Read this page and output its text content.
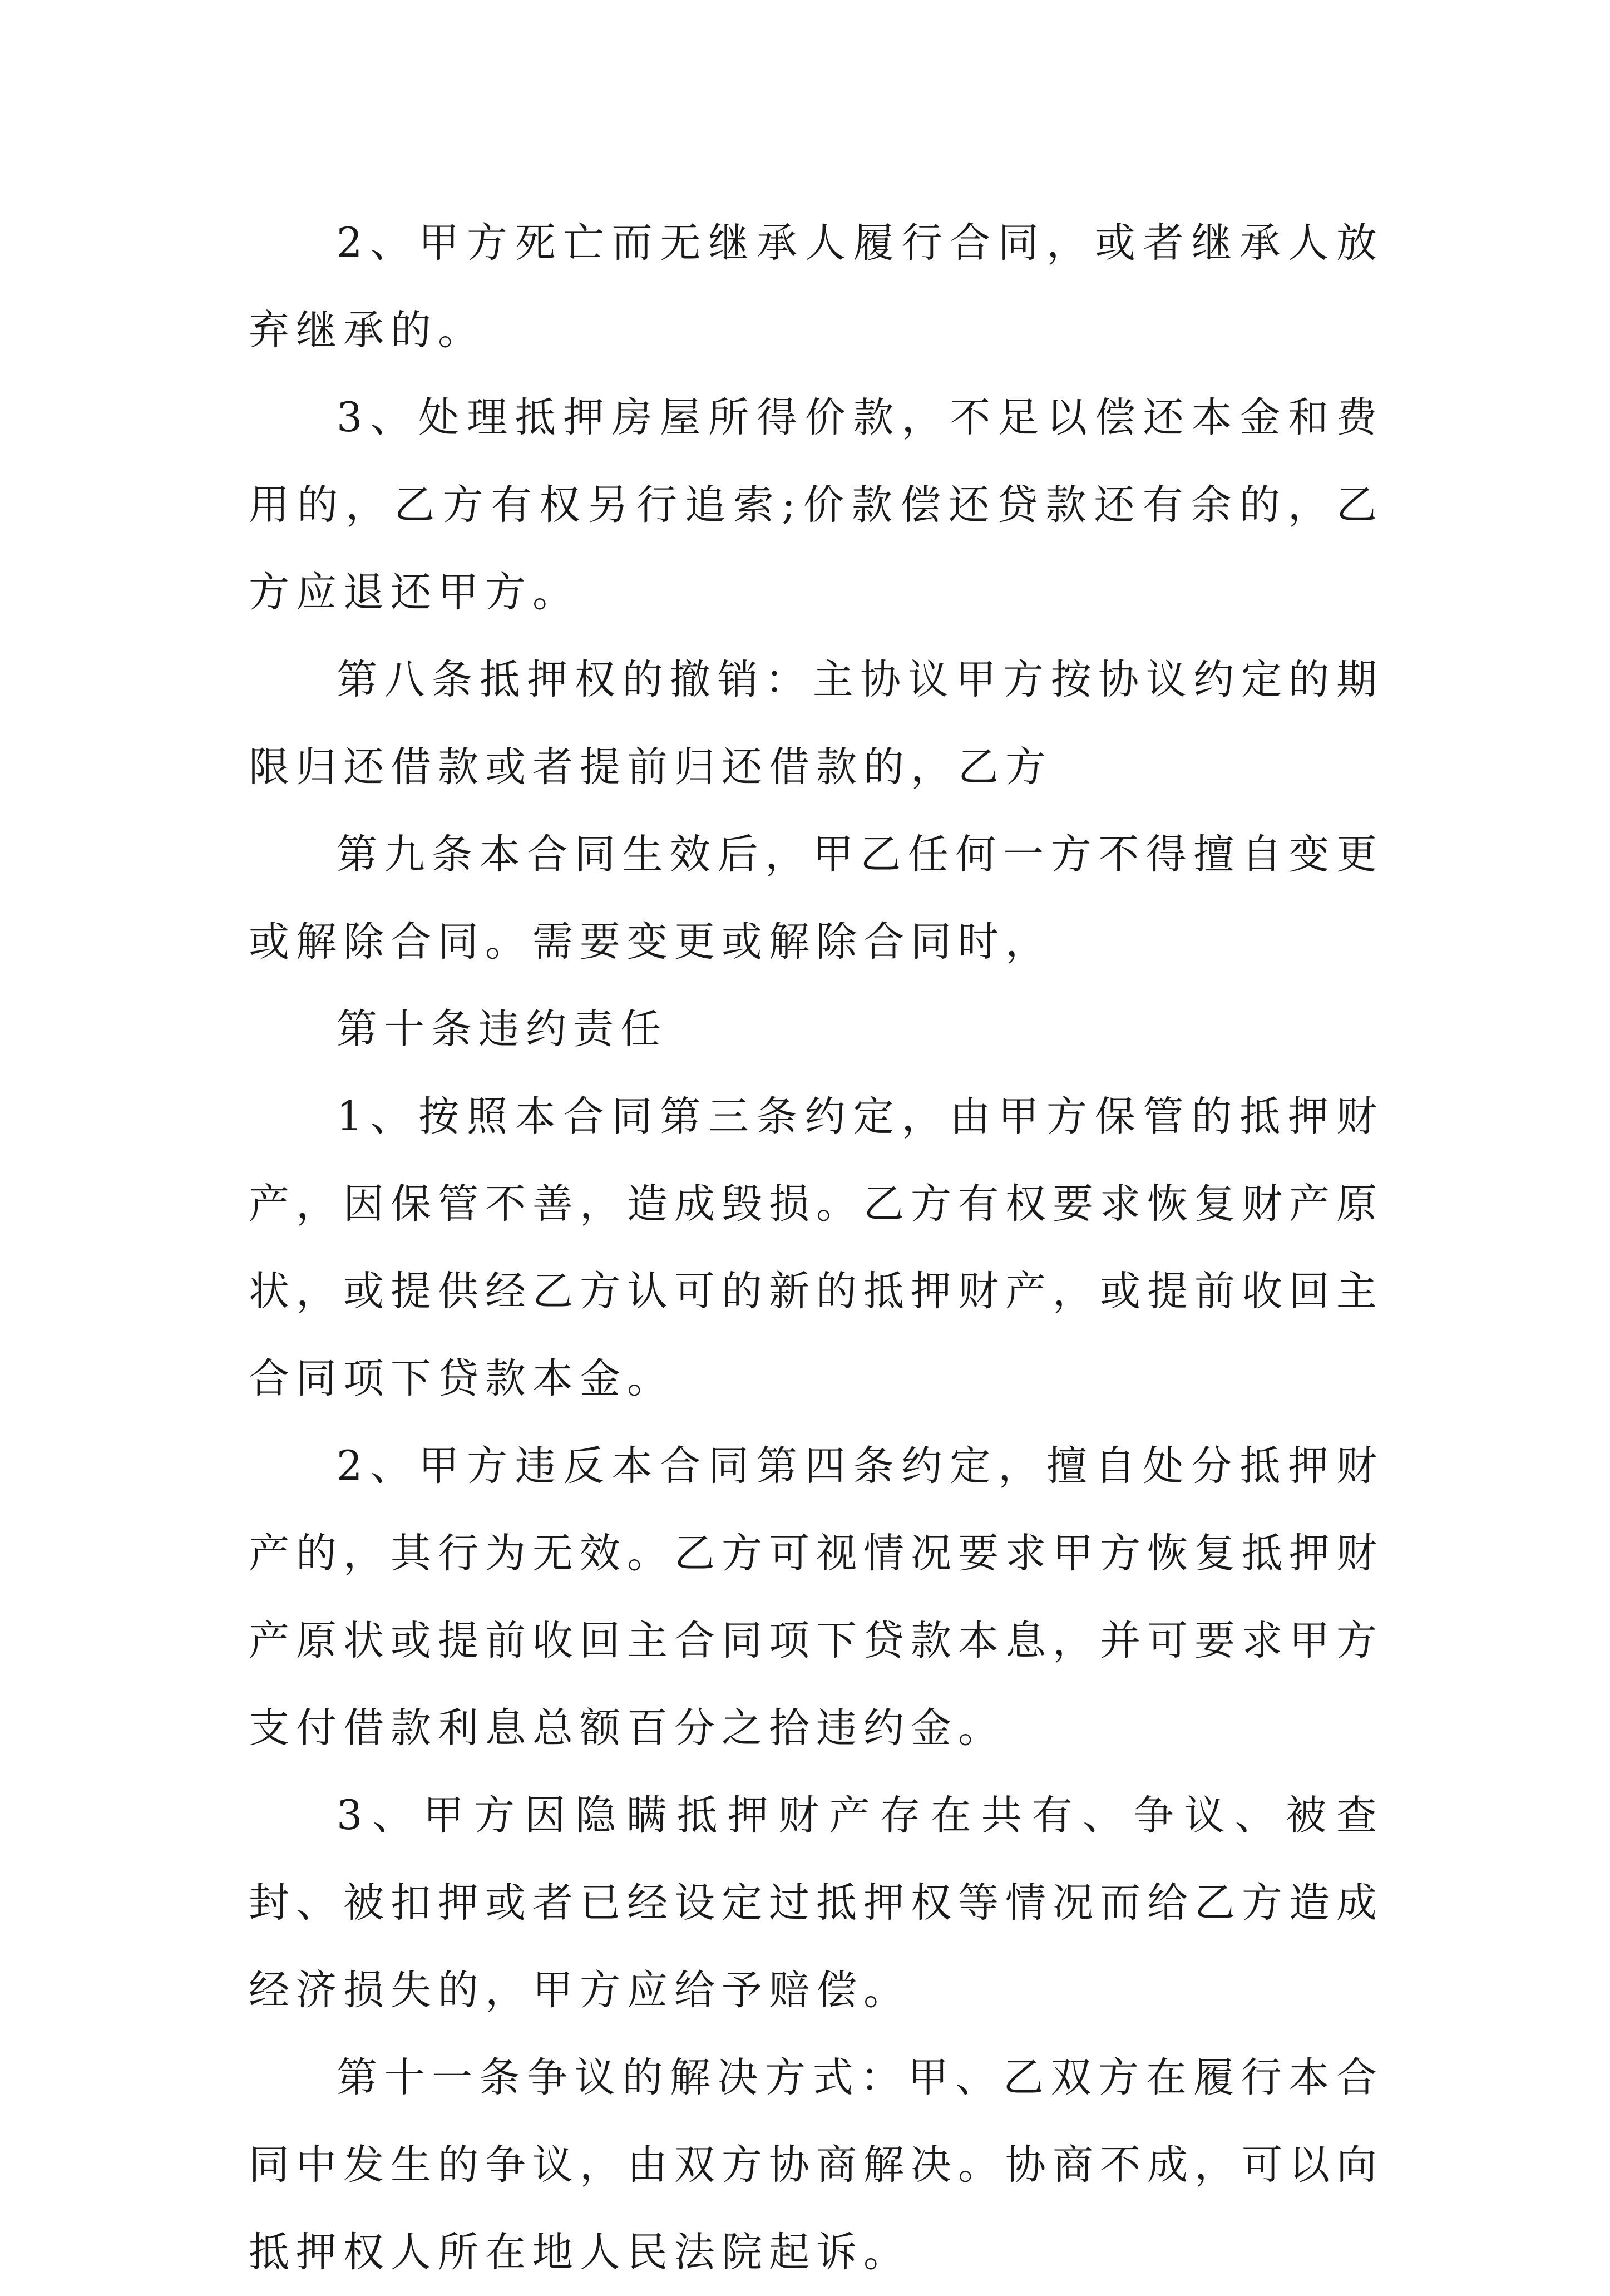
2、甲方死亡而无继承人履行合同，或者继承人放弃继承的。

3、处理抵押房屋所得价款，不足以偿还本金和费用的，乙方有权另行追索;价款偿还贷款还有余的，乙方应退还甲方。

第八条抵押权的撤销：主协议甲方按协议约定的期限归还借款或者提前归还借款的，乙方

第九条本合同生效后，甲乙任何一方不得擅自变更或解除合同。需要变更或解除合同时，

第十条违约责任

1、按照本合同第三条约定，由甲方保管的抵押财产，因保管不善，造成毁损。乙方有权要求恢复财产原状，或提供经乙方认可的新的抵押财产，或提前收回主合同项下贷款本金。

2、甲方违反本合同第四条约定，擅自处分抵押财产的，其行为无效。乙方可视情况要求甲方恢复抵押财产原状或提前收回主合同项下贷款本息，并可要求甲方支付借款利息总额百分之拾违约金。

3、甲方因隐瞒抵押财产存在共有、争议、被查封、被扣押或者已经设定过抵押权等情况而给乙方造成经济损失的，甲方应给予赔偿。

第十一条争议的解决方式：甲、乙双方在履行本合同中发生的争议，由双方协商解决。协商不成，可以向抵押权人所在地人民法院起诉。
